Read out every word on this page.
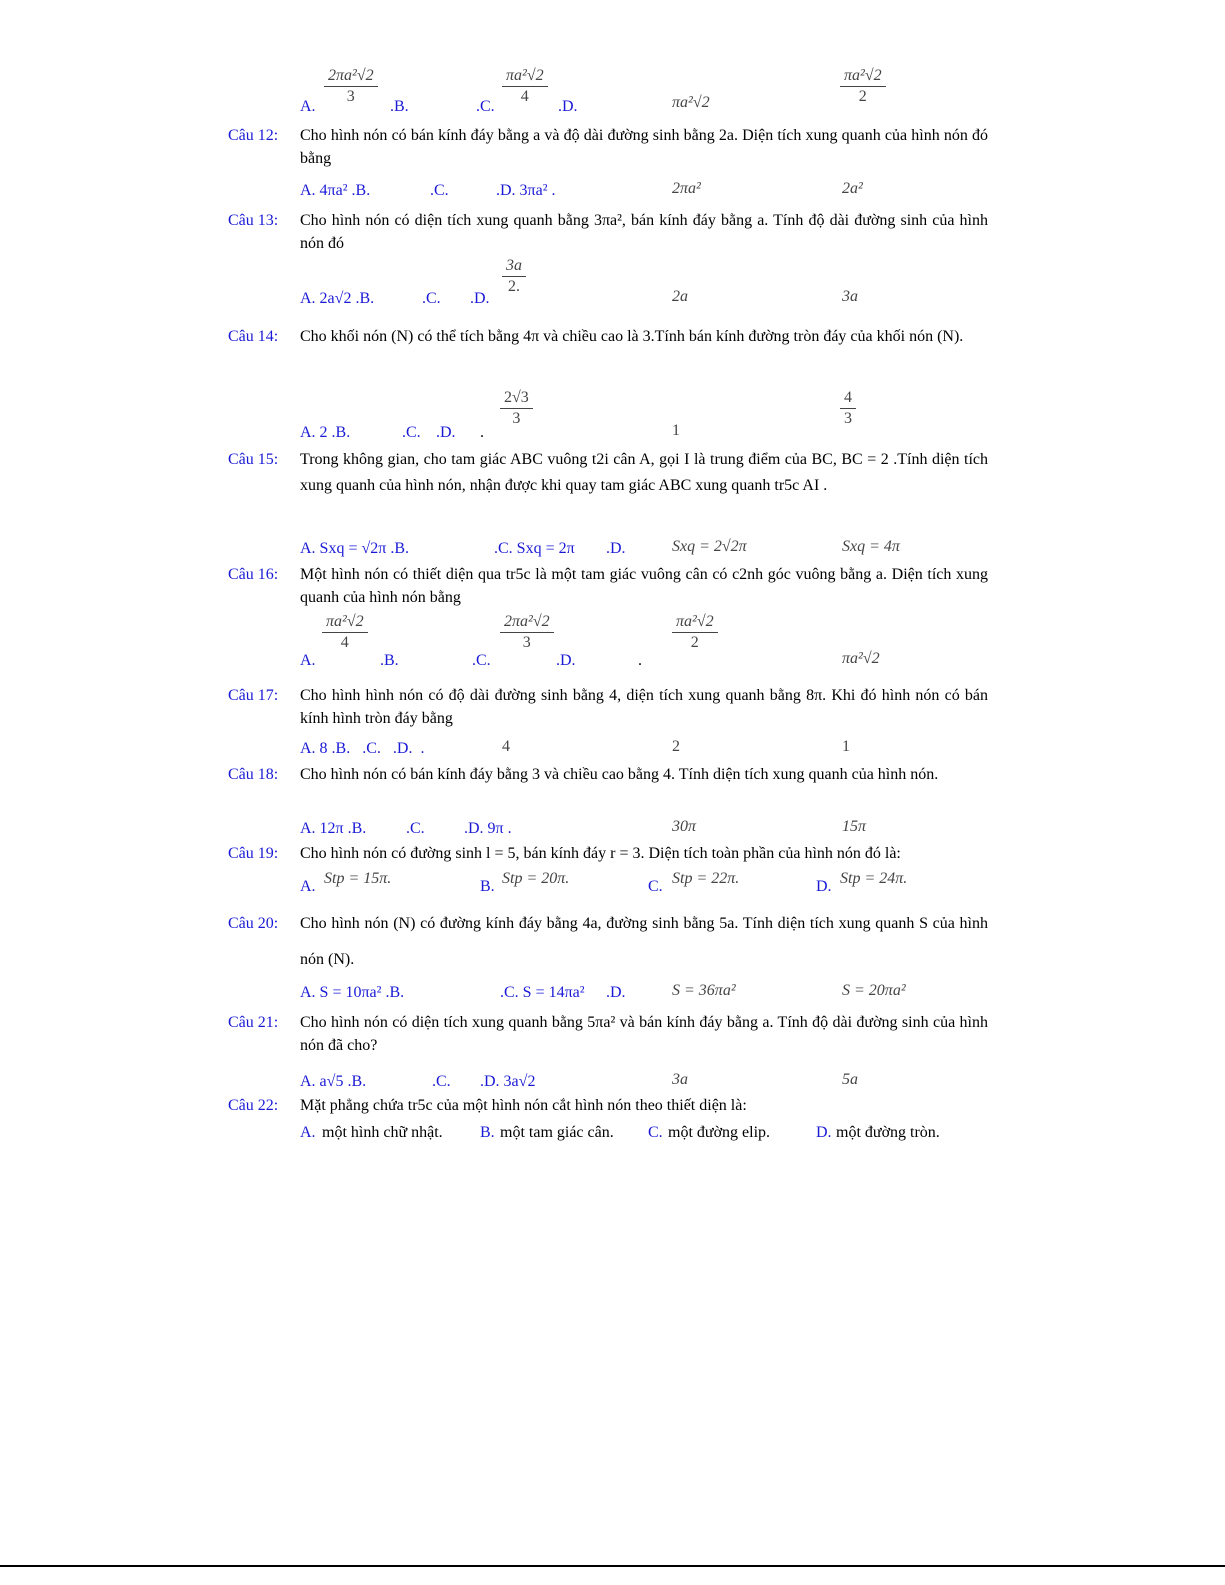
A. $\frac{\text{2πa²√2}}{3} .B$.	.C. $\frac{\text{πa²√2}}{4} .D$.	πa²√2	$\frac{\text{πa²√2}}{2}$
Câu 12: Cho hình nón có bán kính đáy bằng a và độ dài đường sinh bằng 2a. Diện tích xung quanh của hình nón đó bằng
A. 4πa² .B.	.C.	.D. 3πa² .	2πa²	2a²
Câu 13: Cho hình nón có diện tích xung quanh bằng 3πa², bán kính đáy bằng a. Tính độ dài đường sinh của hình nón đó
A. 2a√2 .B.	.C. .D.
$\frac{3a}{2.}$	2a	3a
Câu 14: Cho khối nón (N) có thể tích bằng 4π và chiều cao là 3.Tính bán kính đường tròn đáy của khối nón (N).
A. 2 .B.	.C. .D. .
$\frac{2√3}{3}$
1
$\frac{4}{3}$
Câu 15: Trong không gian, cho tam giác ABC vuông t2i cân A, gọi I là trung điểm của BC, BC = 2 .Tính diện tích xung quanh của hình nón, nhận được khi quay tam giác ABC xung quanh tr5c AI .
A. Sxq = √2π .B.	.C. Sxq = 2π .D.	Sxq = 2√2π	Sxq = 4π
Câu 16: Một hình nón có thiết diện qua tr5c là một tam giác vuông cân có c2nh góc vuông bằng a. Diện tích xung quanh của hình nón bằng
A.
$\frac{\text{πa²√2}}{4}$
.B.	.C.
$\frac{\text{2πa²√2}}{3}$
.D.	.
$\frac{\text{πa²√2}}{2}$
πa²√2
Câu 17: Cho hình hình nón có độ dài đường sinh bằng 4, diện tích xung quanh bằng 8π. Khi đó hình nón có bán kính hình tròn đáy bằng
A. 8 .B.   .C.   .D.  .	4	2	1
Câu 18: Cho hình nón có bán kính đáy bằng 3 và chiều cao bằng 4. Tính diện tích xung quanh của hình nón.
A. 12π .B. .C. .D. 9π .	30π	15π
Câu 19: Cho hình nón có đường sinh l = 5, bán kính đáy r = 3. Diện tích toàn phần của hình nón đó là:
A. Stp = 15π.	B. Stp = 20π.	C. Stp = 22π.	D. Stp = 24π.
Câu 20: Cho hình nón (N) có đường kính đáy bằng 4a, đường sinh bằng 5a. Tính diện tích xung quanh S của hình nón (N).
A. S = 10πa² .B.	.C. S = 14πa² .D.	S = 36πa²	S = 20πa²
Câu 21: Cho hình nón có diện tích xung quanh bằng 5πa² và bán kính đáy bằng a. Tính độ dài đường sinh của hình nón đã cho?
A. a√5 .B.	.C. .D. 3a√2	3a	5a
Câu 22: Mặt phẳng chứa tr5c của một hình nón cắt hình nón theo thiết diện là:
A. một hình chữ nhật. B. một tam giác cân. C. một đường elip.	D. một đường tròn.
